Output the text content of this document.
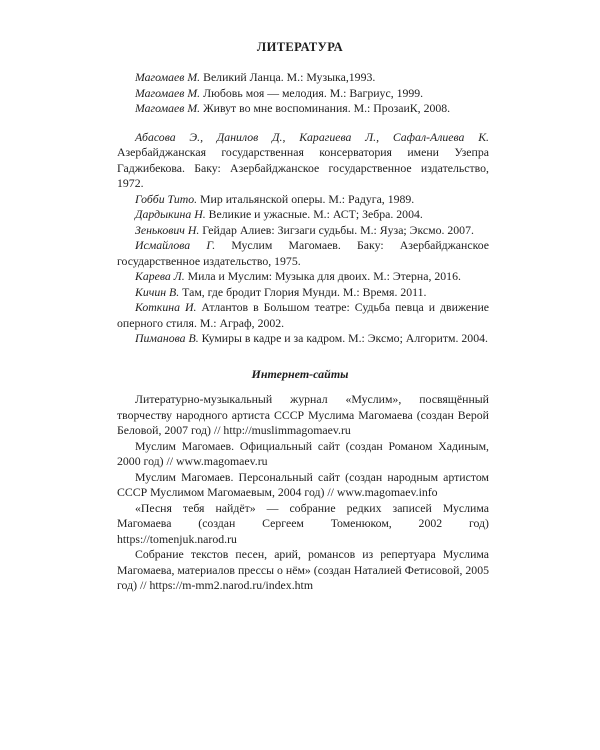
ЛИТЕРАТУРА

Магомаев М. Великий Ланца. М.: Музыка,1993.

Магомаев М. Любовь моя — мелодия. М.: Вагриус, 1999.

Магомаев М. Живут во мне воспоминания. М.: ПрозаиК, 2008.

Абасова Э., Данилов Д., Карагиева Л., Сафал-Алиева К. Азербайджанская государственная консерватория имени Узепра Гаджибекова. Баку: Азербайджанское государственное издательство, 1972.

Гобби Тито. Мир итальянской оперы. М.: Радуга, 1989.

Дардыкина Н. Великие и ужасные. М.: АСТ; Зебра. 2004.

Зенькович Н. Гейдар Алиев: Зигзаги судьбы. М.: Яуза; Эксмо. 2007.

Исмайлова Г. Муслим Магомаев. Баку: Азербайджанское государственное издательство, 1975.

Карева Л. Мила и Муслим: Музыка для двоих. М.: Этерна, 2016.

Кичин В. Там, где бродит Глория Мунди. М.: Время. 2011.

Коткина И. Атлантов в Большом театре: Судьба певца и движение оперного стиля. М.: Аграф, 2002.

Пиманова В. Кумиры в кадре и за кадром. М.: Эксмо; Алгоритм. 2004.

Интернет-сайты

Литературно-музыкальный журнал «Муслим», посвящённый творчеству народного артиста СССР Муслима Магомаева (создан Верой Беловой, 2007 год) // http://muslimmagomaev.ru

Муслим Магомаев. Официальный сайт (создан Романом Хадиным, 2000 год) // www.magomaev.ru

Муслим Магомаев. Персональный сайт (создан народным артистом СССР Муслимом Магомаевым, 2004 год) // www.magomaev.info

«Песня тебя найдёт» — собрание редких записей Муслима Магомаева (создан Сергеем Томенюком, 2002 год) https://tomenjuk.narod.ru

Собрание текстов песен, арий, романсов из репертуара Муслима Магомаева, материалов прессы о нём» (создан Наталией Фетисовой, 2005 год) // https://m-mm2.narod.ru/index.htm
